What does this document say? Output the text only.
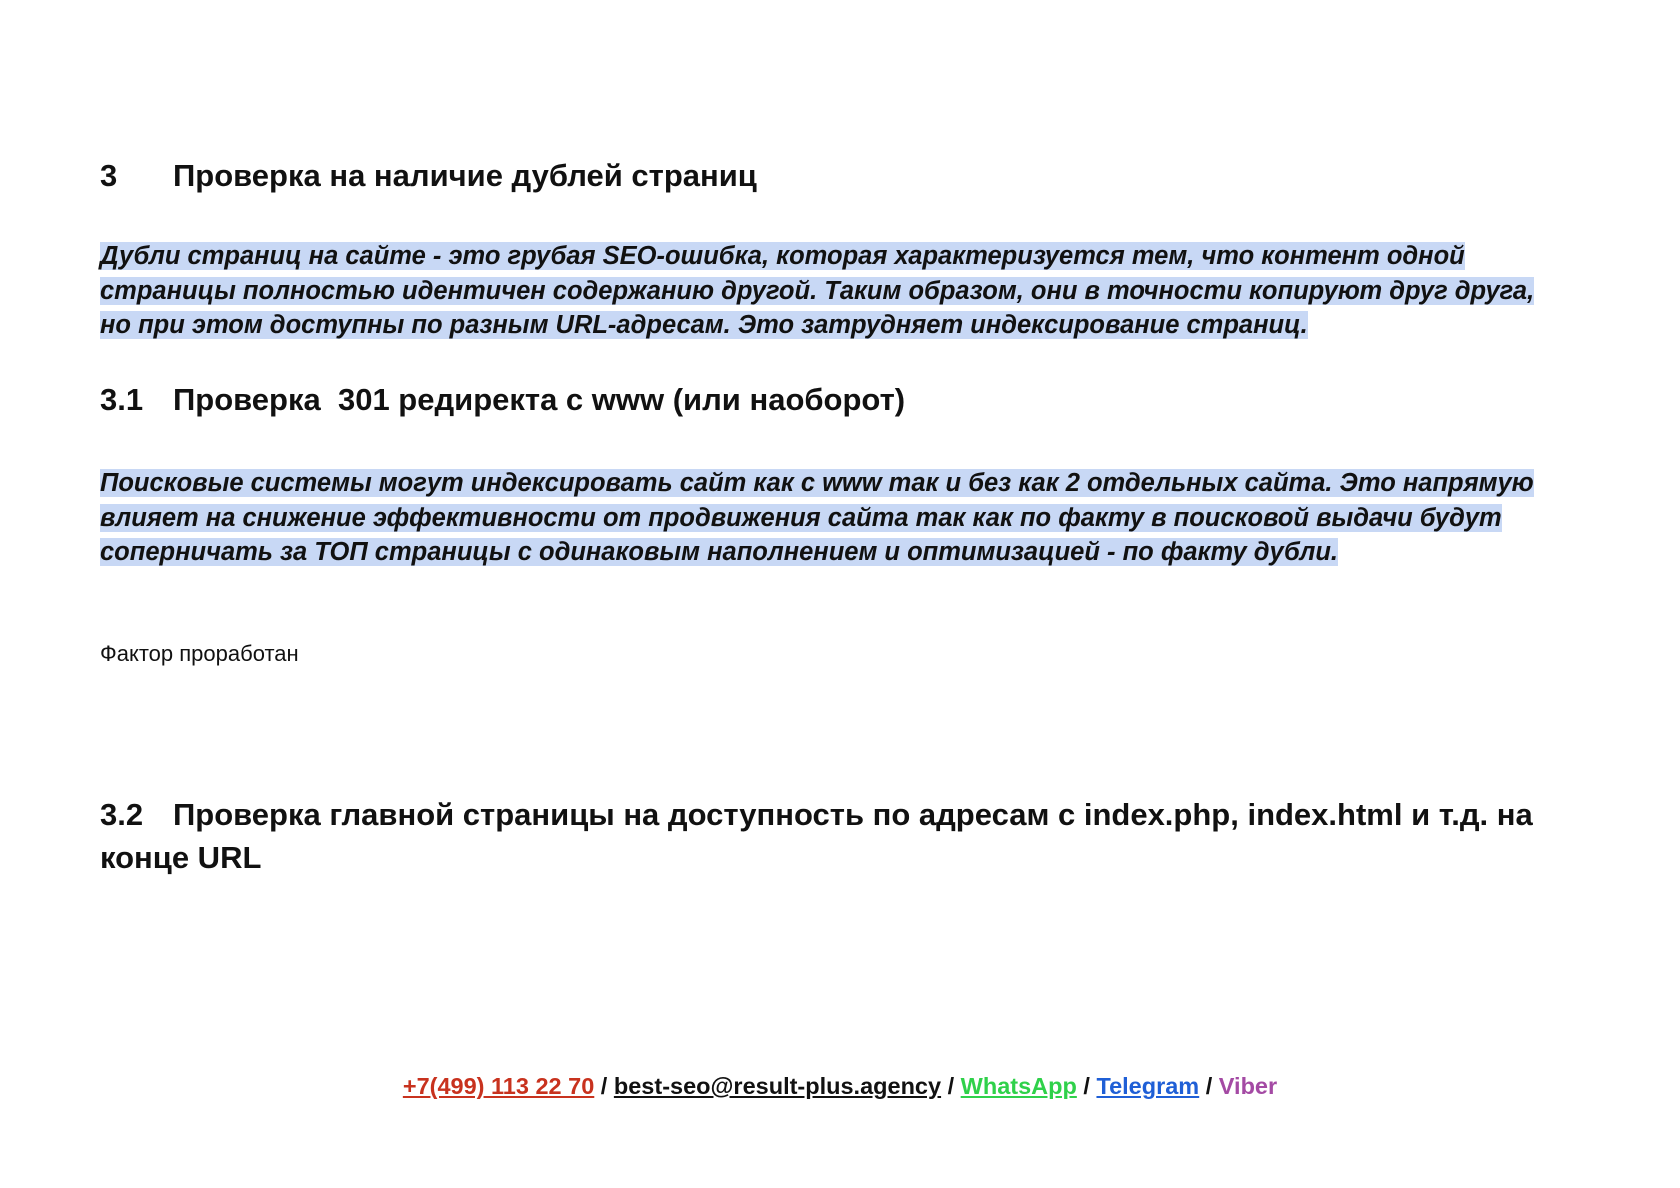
3	Проверка на наличие дублей страниц

Дубли страниц на сайте - это грубая SEO-ошибка, которая характеризуется тем, что контент одной страницы полностью идентичен содержанию другой. Таким образом, они в точности копируют друг друга, но при этом доступны по разным URL-адресам. Это затрудняет индексирование страниц.

3.1 Проверка  301 редиректа с www (или наоборот)

Поисковые системы могут индексировать сайт как с www так и без как 2 отдельных сайта. Это напрямую влияет на снижение эффективности от продвижения сайта так как по факту в поисковой выдачи будут соперничать за ТОП страницы с одинаковым наполнением и оптимизацией - по факту дубли.

Фактор проработан

3.2 Проверка главной страницы на доступность по адресам с index.php, index.html и т.д. на конце URL
+7(499) 113 22 70 / best-seo@result-plus.agency / WhatsApp / Telegram / Viber
